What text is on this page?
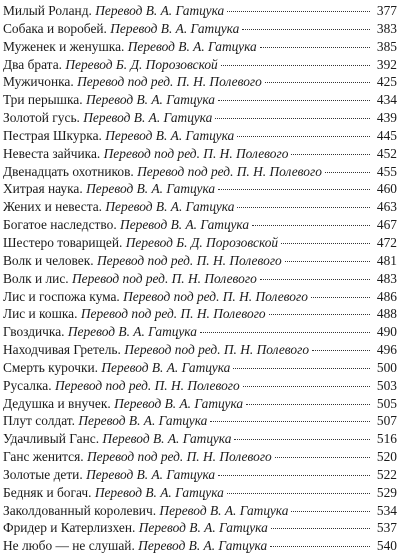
Милый Роланд. Перевод В. А. Гатцука	377
Собака и воробей. Перевод В. А. Гатцука	383
Муженек и женушка. Перевод В. А. Гатцука	385
Два брата. Перевод Б. Д. Порозовской	392
Мужичонка. Перевод под ред. П. Н. Полевого	425
Три перышка. Перевод В. А. Гатцука	434
Золотой гусь. Перевод В. А. Гатцука	439
Пестрая Шкурка. Перевод В. А. Гатцука	445
Невеста зайчика. Перевод под ред. П. Н. Полевого	452
Двенадцать охотников. Перевод под ред. П. Н. Полевого	455
Хитрая наука. Перевод В. А. Гатцука	460
Жених и невеста. Перевод В. А. Гатцука	463
Богатое наследство. Перевод В. А. Гатцука	467
Шестеро товарищей. Перевод Б. Д. Порозовской	472
Волк и человек. Перевод под ред. П. Н. Полевого	481
Волк и лис. Перевод под ред. П. Н. Полевого	483
Лис и госпожа кума. Перевод под ред. П. Н. Полевого	486
Лис и кошка. Перевод под ред. П. Н. Полевого	488
Гвоздичка. Перевод В. А. Гатцука	490
Находчивая Гретель. Перевод под ред. П. Н. Полевого	496
Смерть курочки. Перевод В. А. Гатцука	500
Русалка. Перевод под ред. П. Н. Полевого	503
Дедушка и внучек. Перевод В. А. Гатцука	505
Плут солдат. Перевод В. А. Гатцука	507
Удачливый Ганс. Перевод В. А. Гатцука	516
Ганс женится. Перевод под ред. П. Н. Полевого	520
Золотые дети. Перевод В. А. Гатцука	522
Бедняк и богач. Перевод В. А. Гатцука	529
Заколдованный королевич. Перевод В. А. Гатцука	534
Фридер и Катерлизхен. Перевод В. А. Гатцука	537
Не любо — не слушай. Перевод В. А. Гатцука	540
